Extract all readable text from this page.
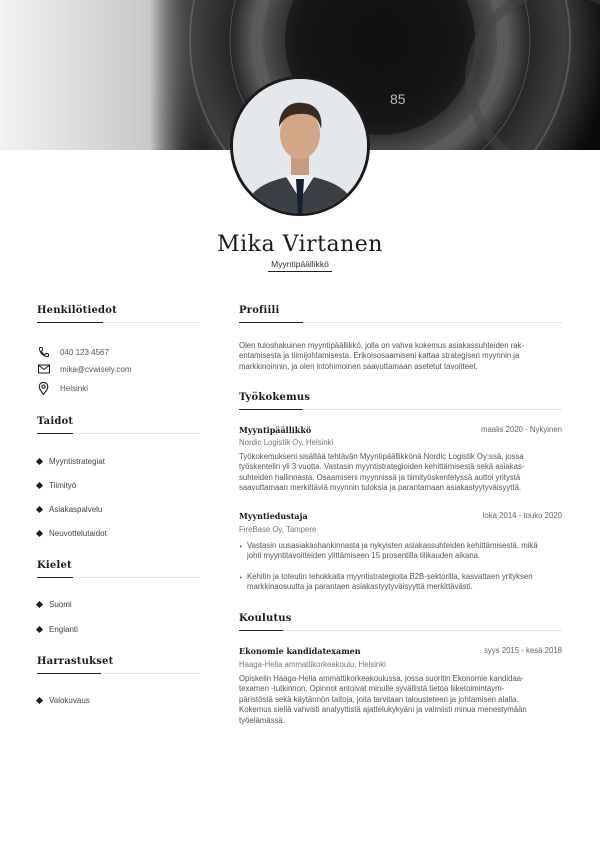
85
Mika Virtanen
Myyntipäällikkö
Henkilötiedot
040 123 4567
mika@cvwisely.com
Helsinki
Taidot
Myyntistrategiat
Tiimityö
Asiakaspalvelu
Neuvottelutaidot
Kielet
Suomi
Englanti
Harrastukset
Valokuvaus
Profiili
Olen tuloshakuinen myyntipäällikkö, jolla on vahva kokemus asiakassuhteiden rak-
entamisesta ja tiimijohtamisesta. Erikoisosaamiseni kattaa strategisen myynnin ja
markkinoinnin, ja olen intohimoinen saavuttamaan asetetut tavoitteet.
Työkokemus
Myyntipäällikkö	maalis 2020 - Nykyinen
Nordic Logistik Oy, Helsinki
Työkokemukseni sisältää tehtävän Myyntipäällikkönä Nordic Logistik Oy:ssä, jossa
työskentelin yli 3 vuotta. Vastasin myyntistrategioiden kehittämisestä sekä asiakas-
suhteiden hallinnasta. Osaamiseni myynnissä ja tiimityöskentelyssä auttoi yritystä
saavuttamaan merkittäviä myynnin tuloksia ja parantamaan asiakastyytyväisyyttä.
Myyntiedustaja	loka 2014 - touko 2020
FireBase Oy, Tampere
• Vastasin uusasiakashankinnasta ja nykyisten asiakassuhteiden kehittämisestä, mikä
johti myyntitavoitteiden ylittämiseen 15 prosentilla tilikauden aikana.
• Kehitin ja toteutin tehokkaita myyntistrategioita B2B-sektorilla, kasvattaen yrityksen
markkinaosuutta ja parantaen asiakastyytyväisyyttä merkittävästi.
Koulutus
Ekonomie kandidatexamen	syys 2015 - kesä 2018
Haaga-Helia ammattikorkeakoulu, Helsinki
Opiskelin Haaga-Helia ammattikorkeakoulussa, jossa suoritin Ekonomie kandidaa-
texamen -tutkinnon. Opinnot antoivat minulle syvällistä tietoa liiketoimintaym-
päristöstä sekä käytännön taitoja, joita tarvitaan talousteteen ja johtamisen alalla.
Kokemus siellä vahvisti analyyttistä ajattelukykyäni ja valmiisti minua menestymään
työelämässä.
